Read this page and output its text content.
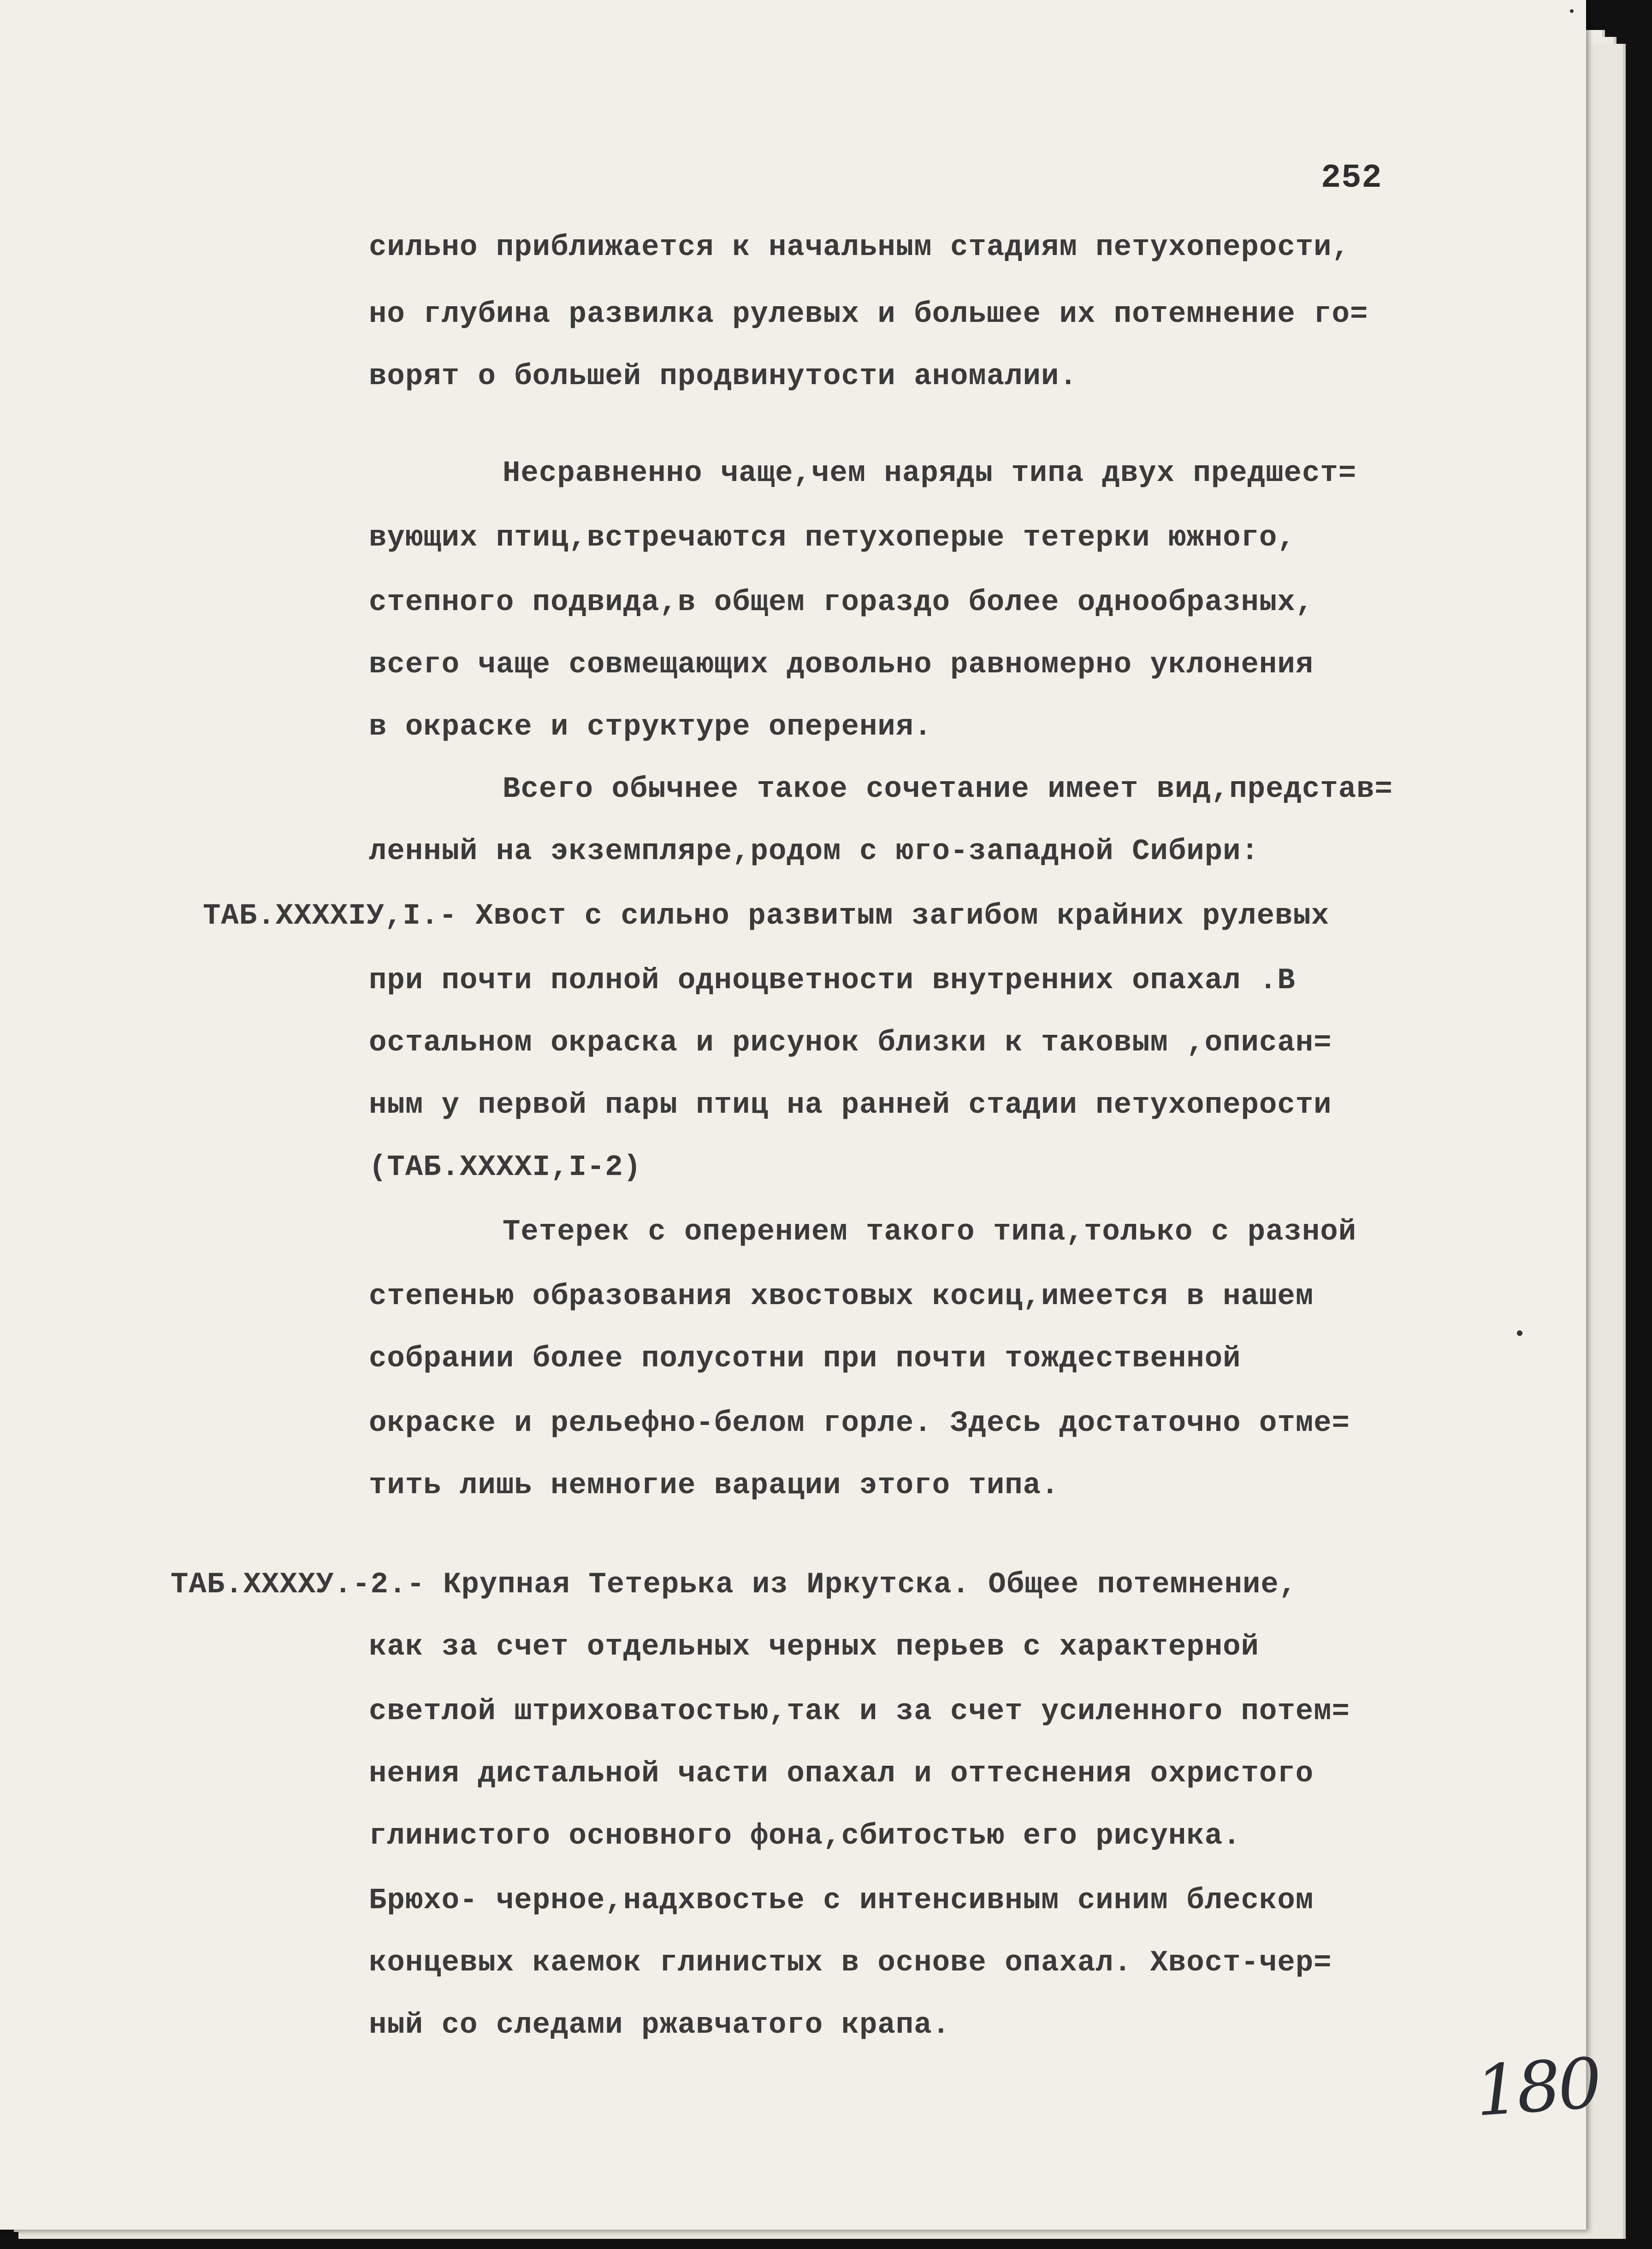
252
сильно приближается к начальным стадиям петухоперости,
но глубина развилка рулевых и большее их потемнение го=
ворят о большей продвинутости аномалии.
Несравненно чаще,чем наряды типа двух предшест=
вующих птиц,встречаются петухоперые тетерки южного,
степного подвида,в общем гораздо более однообразных,
всего чаще совмещающих довольно равномерно уклонения
в окраске и структуре оперения.
Всего обычнее такое сочетание имеет вид,представ=
ленный на экземпляре,родом с юго-западной Сибири:
ТАБ.XXXXIУ,I.- Хвост с сильно развитым загибом крайних рулевых
при почти полной одноцветности внутренних опахал .В
остальном окраска и рисунок близки к таковым ,описан=
ным у первой пары птиц на ранней стадии петухоперости
(ТАБ.XXXXI,I-2)
Тетерек с оперением такого типа,только с разной
степенью образования хвостовых косиц,имеется в нашем
собрании более полусотни при почти тождественной
окраске и рельефно-белом горле. Здесь достаточно отме=
тить лишь немногие варации этого типа.
ТАБ.XXXXУ.-2.- Крупная Тетерька из Иркутска. Общее потемнение,
как за счет отдельных черных перьев с характерной
светлой штриховатостью,так и за счет усиленного потем=
нения дистальной части опахал и оттеснения охристого
глинистого основного фона,сбитостью его рисунка.
Брюхо- черное,надхвостье с интенсивным синим блеском
концевых каемок глинистых в основе опахал. Хвост-чер=
ный со следами ржавчатого крапа.
180
